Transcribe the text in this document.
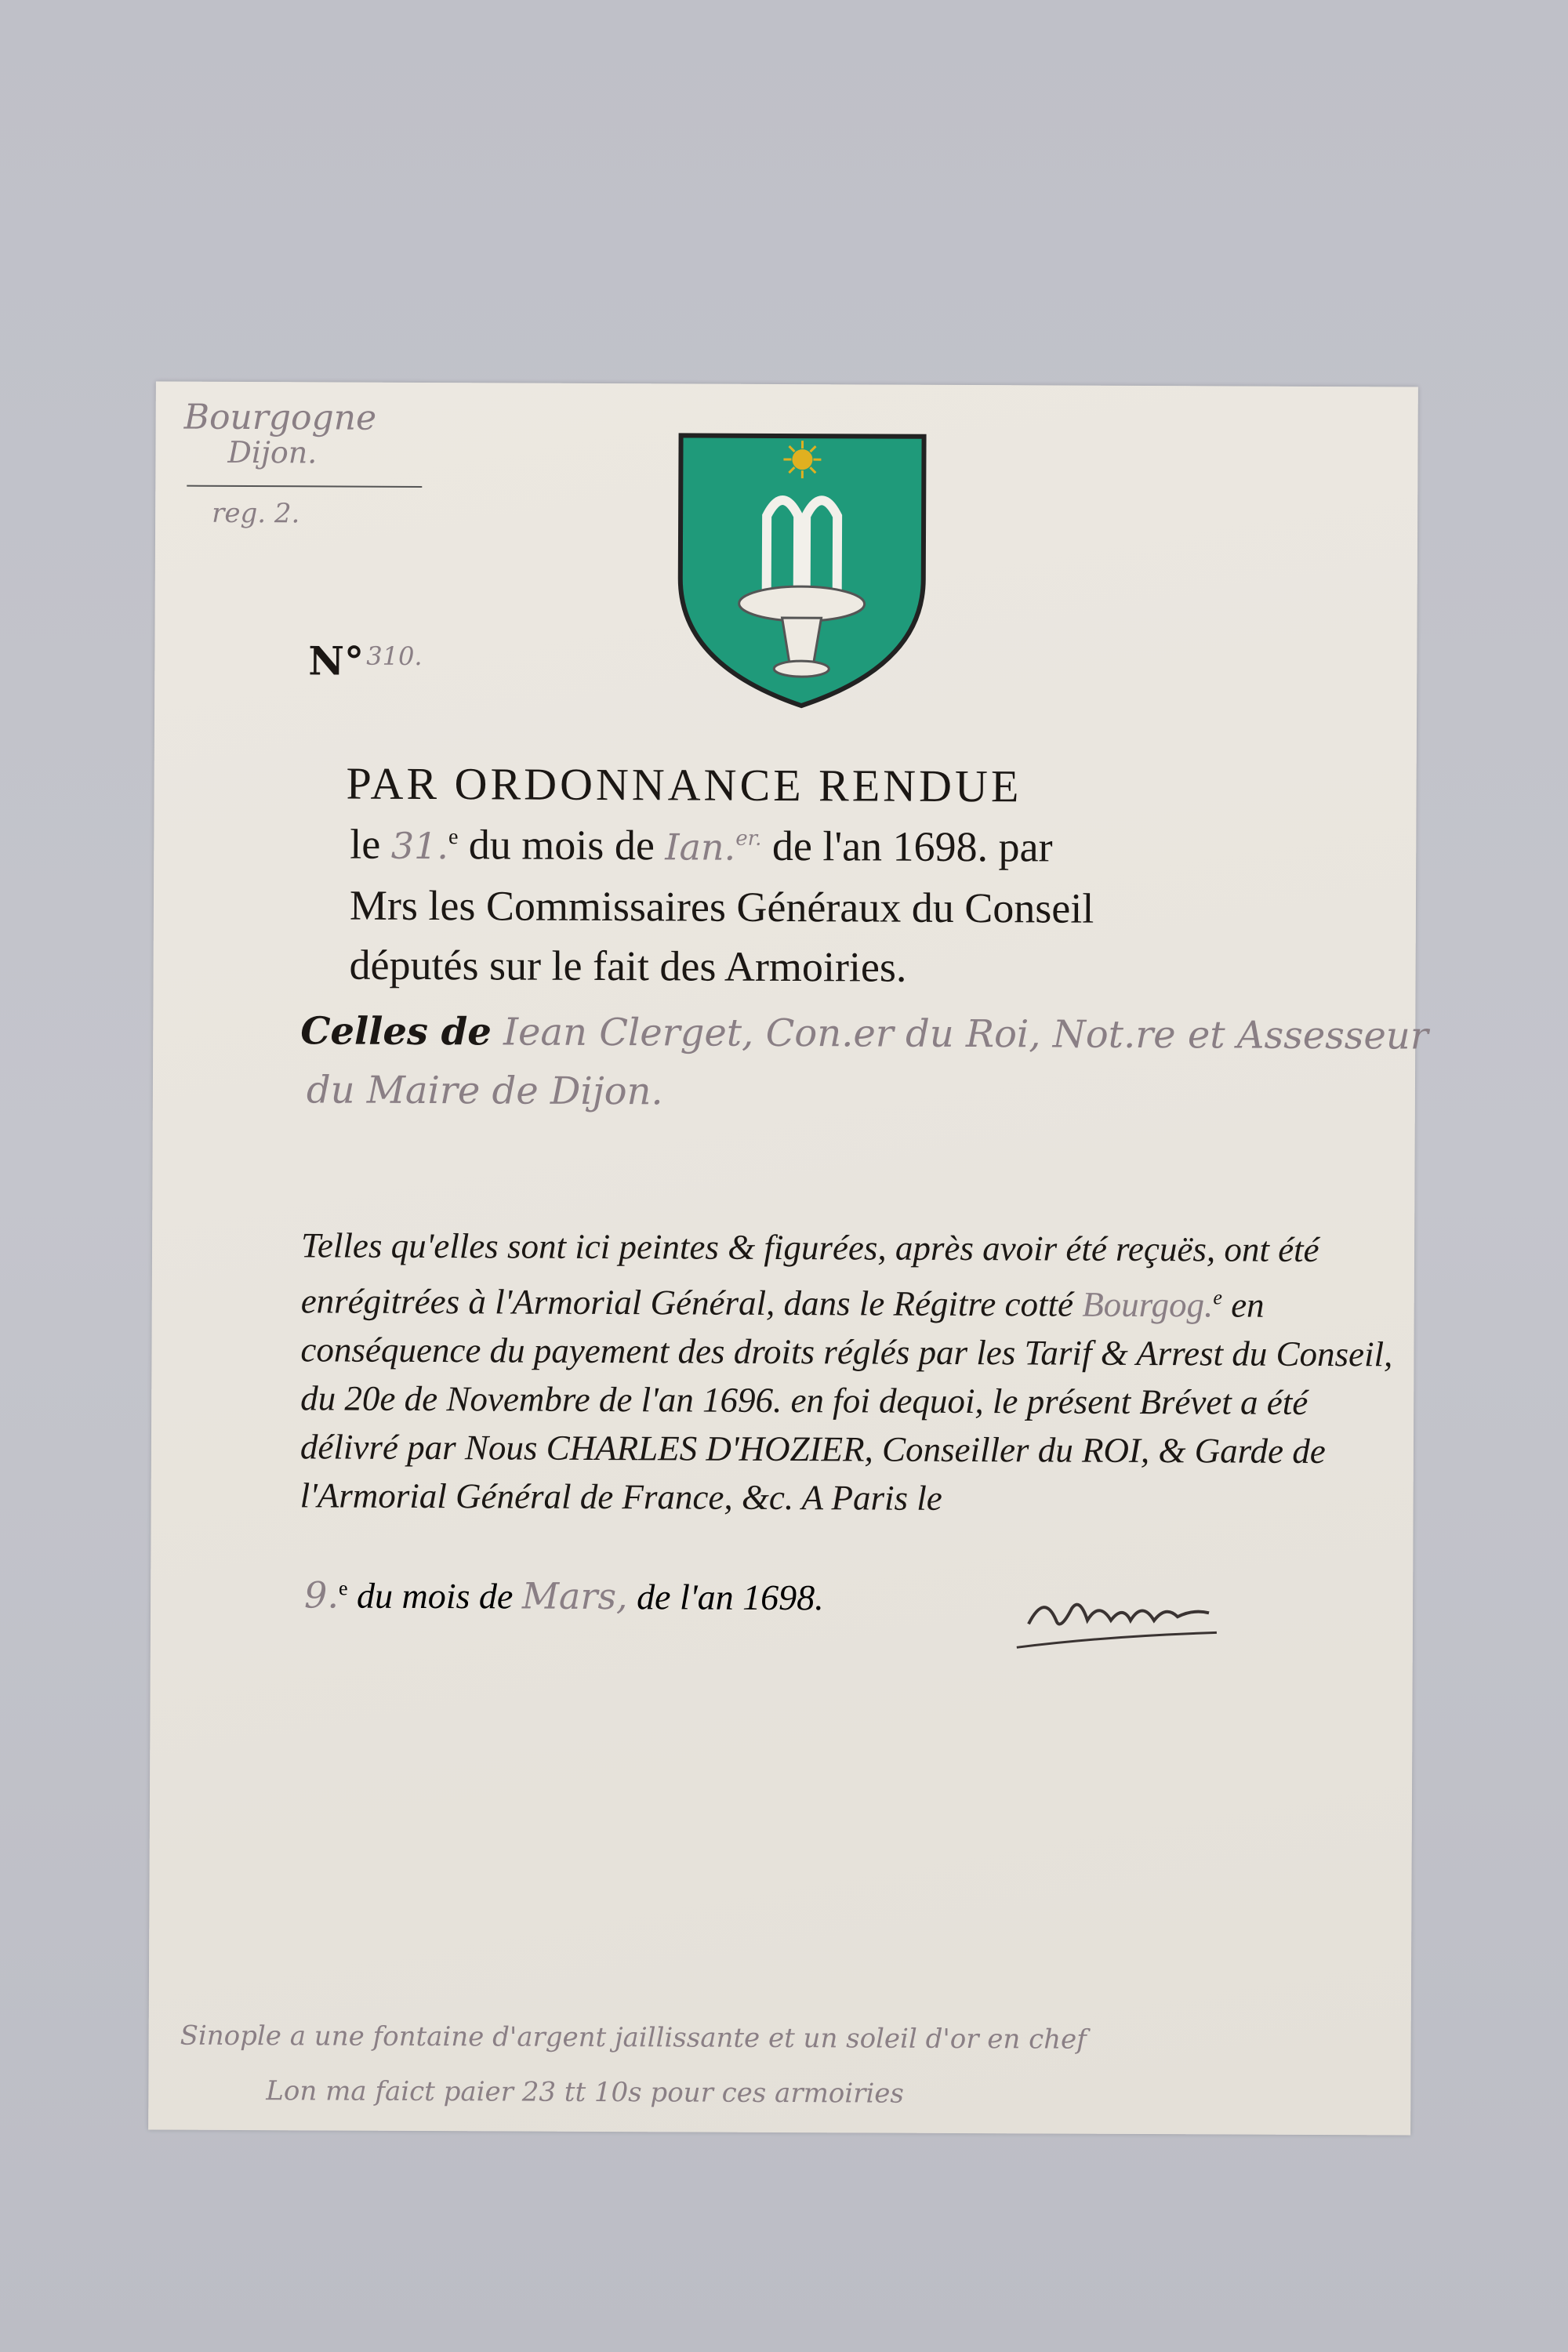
Bourgogne
Dijon.
reg. 2.
N° 310.
PAR ORDONNANCE RENDUE
le 31.$^e$ du mois de Ian.$^{er.}$ de l'an 1698. par
Mrs les Commissaires Généraux du Conseil
députés sur le fait des Armoiries.
Celles de Iean Clerget, Con.er du Roi, Not.re et Assesseur
du Maire de Dijon.
Telles qu'elles sont ici peintes & figurées, après avoir été reçuës, ont été enrégitrées à l'Armorial Général, dans le Régitre cotté Bourgog.$^e$ en conséquence du payement des droits réglés par les Tarif & Arrest du Conseil, du 20e de Novembre de l'an 1696. en foi dequoi, le présent Brévet a été délivré par Nous CHARLES D'HOZIER, Conseiller du ROI, & Garde de l'Armorial Général de France, &c. A Paris le
9.$^e$ du mois de Mars, de l'an 1698.
Sinople a une fontaine d'argent jaillissante et un soleil d'or en chef
Lon ma faict paier 23 tt 10s pour ces armoiries
